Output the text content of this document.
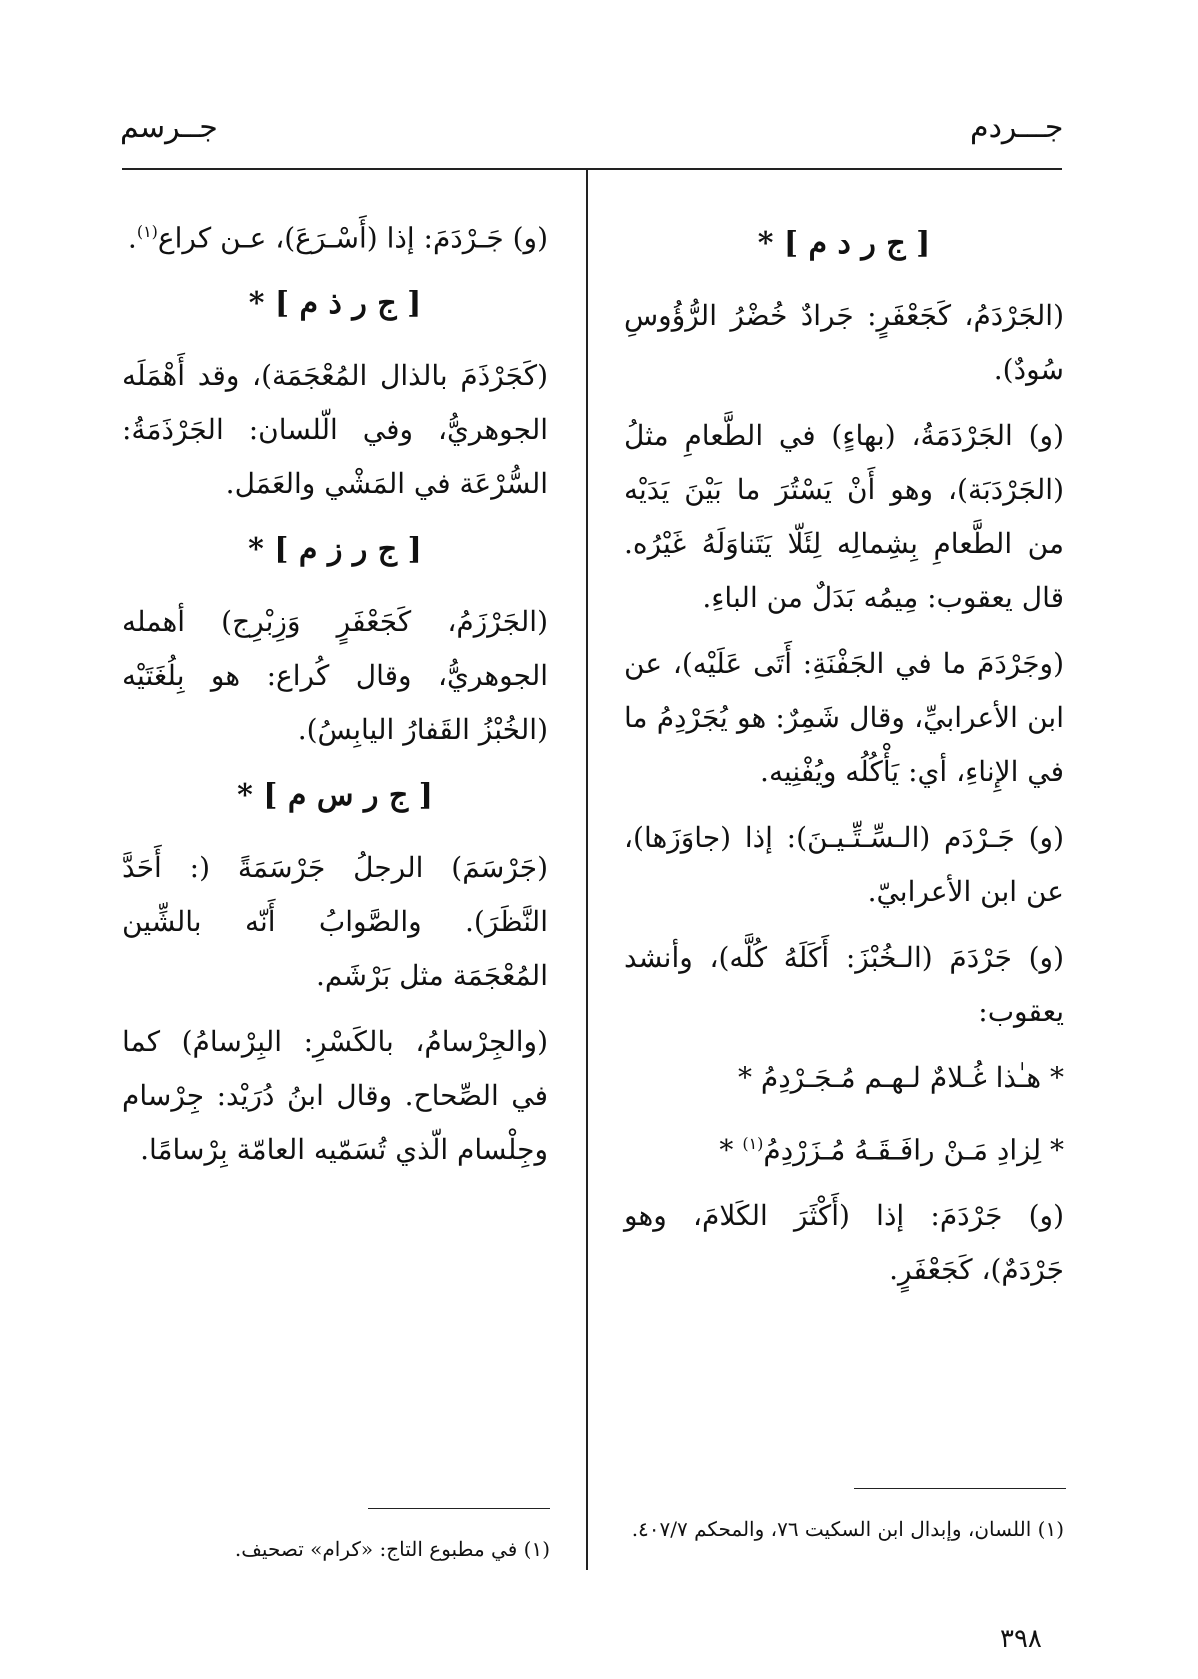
جـــردم
جــرسم
[ ج ر د م ] *

(الجَرْدَمُ، كَجَعْفَرٍ: جَرادٌ خُضْرُ الرُّؤُوسِ سُودٌ).

(و) الجَرْدَمَةُ، (بهاءٍ) في الطَّعامِ مثلُ (الجَرْدَبَة)، وهو أَنْ يَسْتُرَ ما بَيْنَ يَدَيْه من الطَّعامِ بِشِمالِه لِئَلّا يَتَناوَلَهُ غَيْرُه. قال يعقوب: مِيمُه بَدَلٌ من الباءِ.

(وجَرْدَمَ ما في الجَفْنَةِ: أَتَى عَلَيْه)، عن ابن الأعرابيِّ، وقال شَمِرٌ: هو يُجَرْدِمُ ما في الإِناءِ، أي: يَأْكُلُه ويُفْنِيه.

(و) جَـرْدَم (الـسِّـتِّـيـنَ): إذا (جاوَزَها)، عن ابن الأعرابيّ.

(و) جَرْدَمَ (الـخُبْزَ: أَكَلَهُ كُلَّه)، وأنشد يعقوب:

* هـٰذا غُـلامٌ لـهـم مُـجَـرْدِمُ *

* لِزادِ مَـنْ رافَـقَـهُ مُـزَرْدِمُ$^{(١)}$ *

(و) جَرْدَمَ: إذا (أَكْثَرَ الكَلامَ، وهو جَرْدَمٌ)، كَجَعْفَرٍ.

(و) جَـرْدَمَ: إذا (أَسْـرَعَ)، عـن كراع$^{(١)}$.

[ ج ر ذ م ] *

(كَجَرْذَمَ بالذال المُعْجَمَة)، وقد أَهْمَلَه الجوهريُّ، وفي الّلسان: الجَرْذَمَةُ: السُّرْعَة في المَشْي والعَمَل.

[ ج ر ز م ] *

(الجَرْزَمُ، كَجَعْفَرٍ وَزِبْرِج) أهمله الجوهريُّ، وقال كُراع: هو بِلُغَتَيْه (الخُبْزُ القَفارُ اليابِسُ).

[ ج ر س م ] *

(جَرْسَمَ) الرجلُ جَرْسَمَةً (: أَحَدَّ النَّظَرَ). والصَّوابُ أَنّه بالشِّين المُعْجَمَة مثل بَرْشَم.

(والجِرْسامُ، بالكَسْرِ: البِرْسامُ) كما في الصِّحاح. وقال ابنُ دُرَيْد: جِرْسام وجِلْسام الّذي تُسَمّيه العامّة بِرْسامًا.

(١) اللسان، وإبدال ابن السكيت ٧٦، والمحكم ٤٠٧/٧.
(١) في مطبوع التاج: «كرام» تصحيف.
٣٩٨
